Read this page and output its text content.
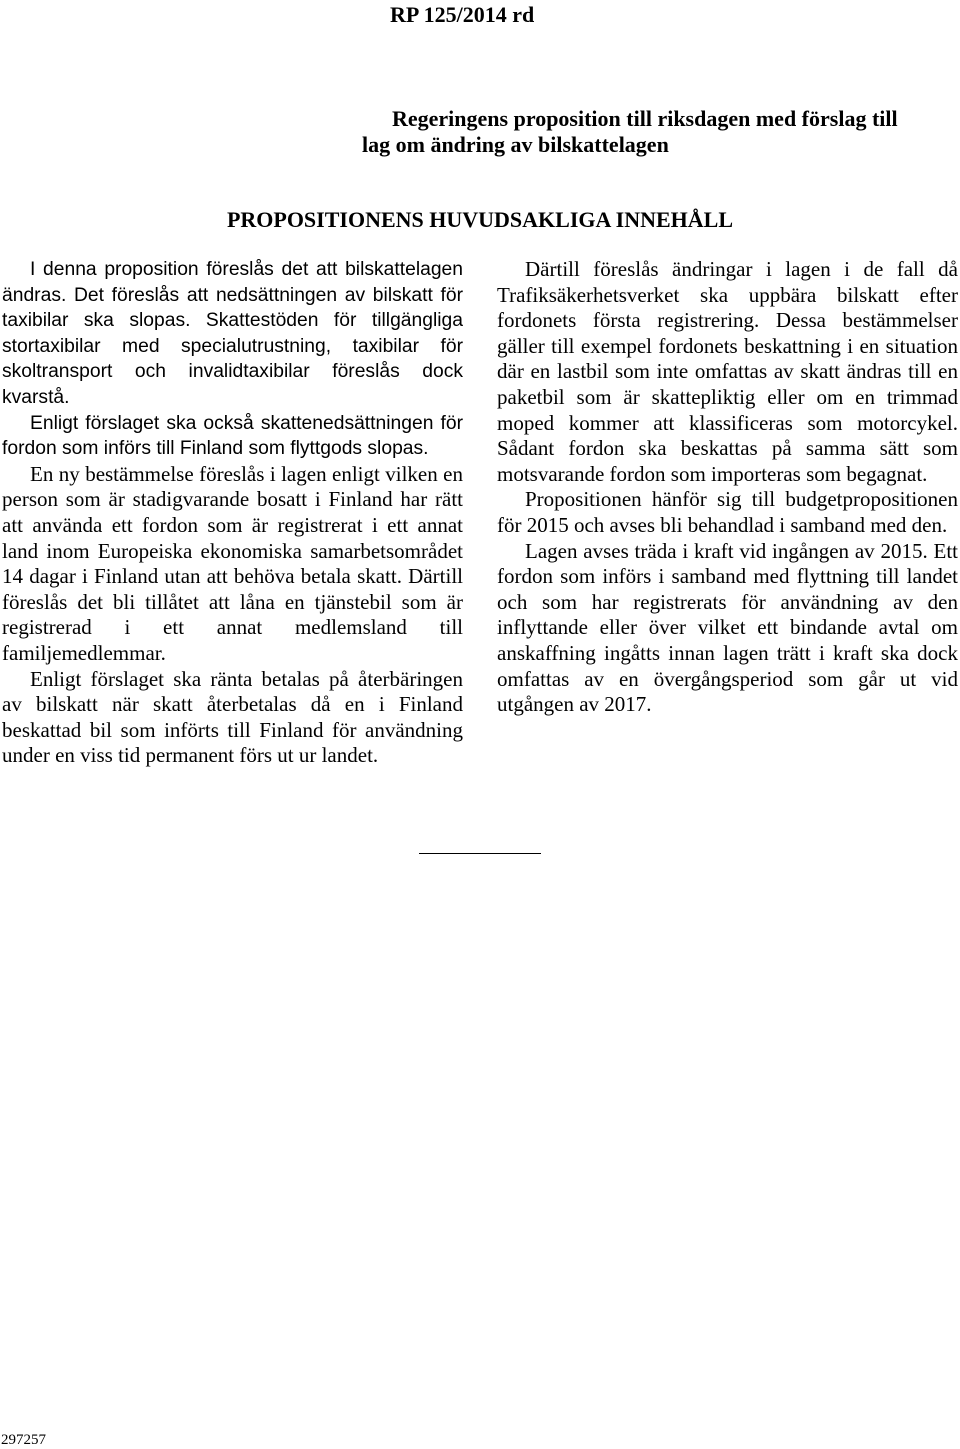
RP 125/2014 rd
Regeringens proposition till riksdagen med förslag till
lag om ändring av bilskattelagen
PROPOSITIONENS HUVUDSAKLIGA INNEHÅLL

I denna proposition föreslås det att bilskattelagen ändras. Det föreslås att nedsättningen av bilskatt för taxibilar ska slopas. Skattestöden för tillgängliga stortaxibilar med specialutrustning, taxibilar för skoltransport och invalidtaxibilar föreslås dock kvarstå.

Enligt förslaget ska också skattenedsättningen för fordon som införs till Finland som flyttgods slopas.

En ny bestämmelse föreslås i lagen enligt vilken en person som är stadigvarande bosatt i Finland har rätt att använda ett fordon som är registrerat i ett annat land inom Europeiska ekonomiska samarbetsområdet 14 dagar i Finland utan att behöva betala skatt. Därtill föreslås det bli tillåtet att låna en tjänstebil som är registrerad i ett annat medlemsland till familjemedlemmar.

Enligt förslaget ska ränta betalas på återbäringen av bilskatt när skatt återbetalas då en i Finland beskattad bil som införts till Finland för användning under en viss tid permanent förs ut ur landet.

Därtill föreslås ändringar i lagen i de fall då Trafiksäkerhetsverket ska uppbära bilskatt efter fordonets första registrering. Dessa bestämmelser gäller till exempel fordonets beskattning i en situation där en lastbil som inte omfattas av skatt ändras till en paketbil som är skattepliktig eller om en trimmad moped kommer att klassificeras som motorcykel. Sådant fordon ska beskattas på samma sätt som motsvarande fordon som importeras som begagnat.

Propositionen hänför sig till budgetpropositionen för 2015 och avses bli behandlad i samband med den.

Lagen avses träda i kraft vid ingången av 2015. Ett fordon som införs i samband med flyttning till landet och som har registrerats för användning av den inflyttande eller över vilket ett bindande avtal om anskaffning ingåtts innan lagen trätt i kraft ska dock omfattas av en övergångsperiod som går ut vid utgången av 2017.

297257
